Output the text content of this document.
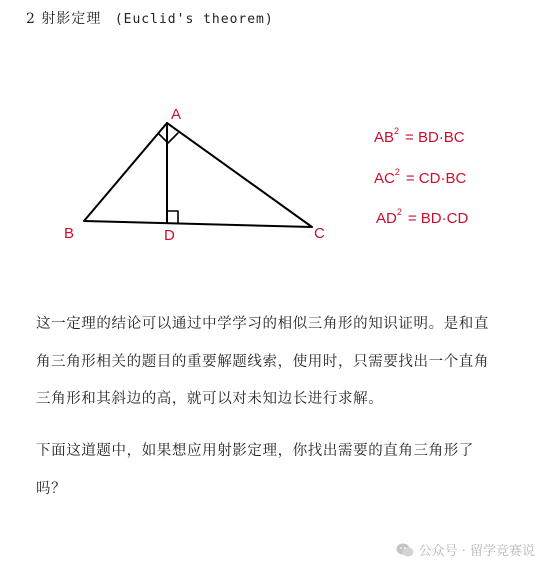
2 射影定理 (Euclid's theorem)
A
B	C
D
$AB^2 = BD\cdot BC$
$AC^2 = CD\cdot BC$
$AD^2 = BD\cdot CD$
这一定理的结论可以通过中学学习的相似三角形的知识证明。是和直
角三角形相关的题目的重要解题线索，使用时，只需要找出一个直角
三角形和其斜边的高，就可以对未知边长进行求解。
下面这道题中，如果想应用射影定理，你找出需要的直角三角形了
吗？
公众号 · 留学竞赛说
